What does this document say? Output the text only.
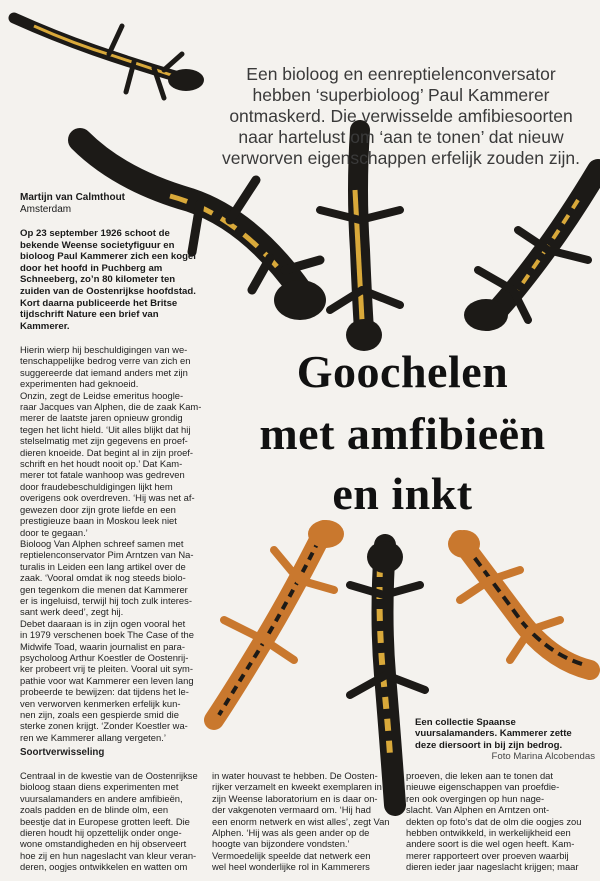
Een bioloog en eenreptielenconversator
hebben ‘superbioloog’ Paul Kammerer
ontmaskerd. Die verwisselde amfibiesoorten
naar hartelust om ‘aan te tonen’ dat nieuw
verworven eigenschappen erfelijk zouden zijn.
Martijn van Calmthout
Amsterdam
Op 23 september 1926 schoot de bekende Weense societyfiguur en bioloog Paul Kammerer zich een kogel door het hoofd in Puchberg am Schneeberg, zo’n 80 kilometer ten zuiden van de Oostenrijkse hoofdstad. Kort daarna publiceerde het Britse tijdschrift Nature een brief van Kammerer.
Hierin wierp hij beschuldigingen van we-
tenschappelijke bedrog verre van zich en
suggereerde dat iemand anders met zijn
experimenten had geknoeid.
Onzin, zegt de Leidse emeritus hoogle-
raar Jacques van Alphen, die de zaak Kam-
merer de laatste jaren opnieuw grondig
tegen het licht hield. ‘Uit alles blijkt dat hij
stelselmatig met zijn gegevens en proef-
dieren knoeide. Dat begint al in zijn proef-
schrift en het houdt nooit op.’ Dat Kam-
merer tot fatale wanhoop was gedreven
door fraudebeschuldigingen lijkt hem
overigens ook overdreven. ‘Hij was net af-
gewezen door zijn grote liefde en een
prestigieuze baan in Moskou leek niet
door te gegaan.’
Bioloog Van Alphen schreef samen met
reptielenconservator Pim Arntzen van Na-
turalis in Leiden een lang artikel over de
zaak. ‘Vooral omdat ik nog steeds biolo-
gen tegenkom die menen dat Kammerer
er is ingeluisd, terwijl hij toch zulk interes-
sant werk deed’, zegt hij.
Debet daaraan is in zijn ogen vooral het
in 1979 verschenen boek The Case of the
Midwife Toad, waarin journalist en para-
psycholoog Arthur Koestler de Oostenrij-
ker probeert vrij te pleiten. Vooral uit sym-
pathie voor wat Kammerer een leven lang
probeerde te bewijzen: dat tijdens het le-
ven verworven kenmerken erfelijk kun-
nen zijn, zoals een gespierde smid die
sterke zonen krijgt. ‘Zonder Koestler wa-
ren we Kammerer allang vergeten.’
Soortverwisseling
Centraal in de kwestie van de Oostenrijkse
bioloog staan diens experimenten met
vuursalamanders en andere amfibieën,
zoals padden en de blinde olm, een
beestje dat in Europese grotten leeft. Die
dieren houdt hij opzettelijk onder onge-
wone omstandigheden en hij observeert
hoe zij en hun nageslacht van kleur veran-
deren, oogjes ontwikkelen en watten om
in water houvast te hebben. De Oosten-
rijker verzamelt en kweekt exemplaren in
zijn Weense laboratorium en is daar on-
der vakgenoten vermaard om. ‘Hij had
een enorm netwerk en wist alles’, zegt Van
Alphen. ‘Hij was als geen ander op de
hoogte van bijzondere vondsten.’
Vermoedelijk speelde dat netwerk een
wel heel wonderlijke rol in Kammerers
proeven, die leken aan te tonen dat
nieuwe eigenschappen van proefdie-
ren ook overgingen op hun nage-
slacht. Van Alphen en Arntzen ont-
dekten op foto’s dat de olm die oogjes zou
hebben ontwikkeld, in werkelijkheid een
andere soort is die wel ogen heeft. Kam-
merer rapporteert over proeven waarbij
dieren ieder jaar nageslacht krijgen; maar
Goochelen
met amfibieën
en inkt
Een collectie Spaanse vuursalamanders. Kammerer zette deze diersoort in bij zijn bedrog.
Foto Marina Alcobendas
